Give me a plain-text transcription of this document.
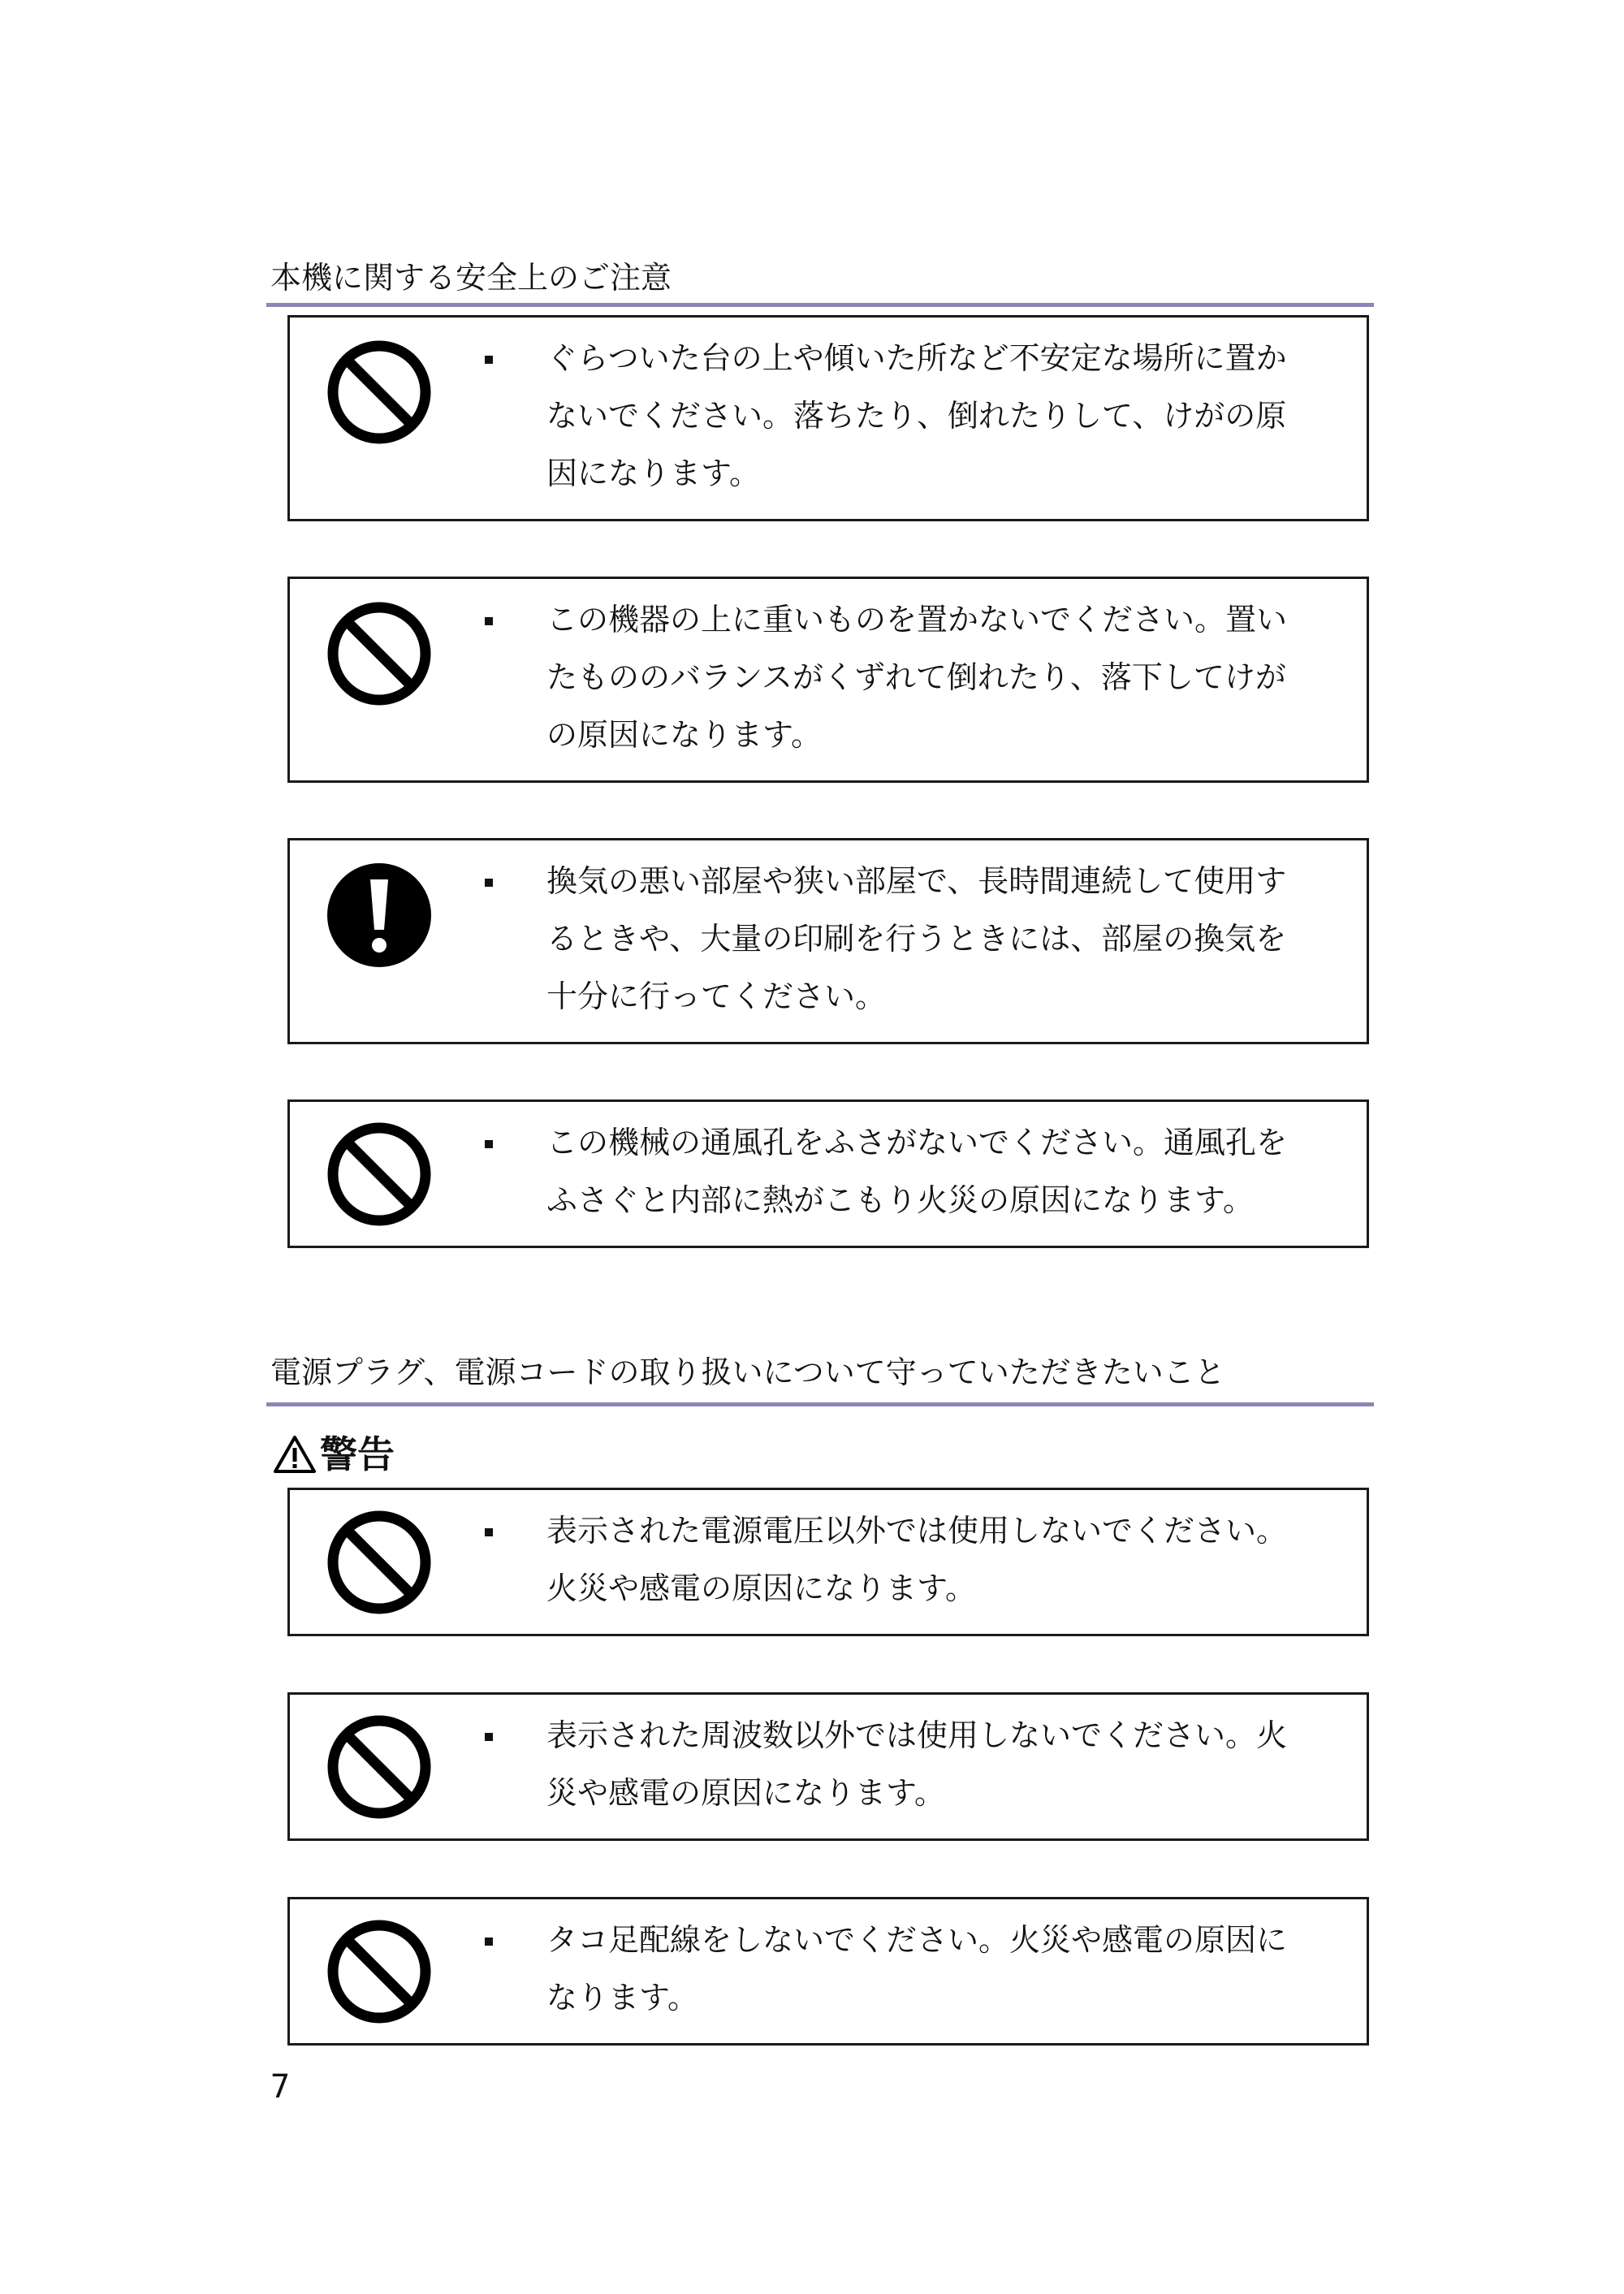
本機に関する安全上のご注意
ぐらついた台の上や傾いた所など不安定な場所に置か
ないでください。落ちたり、倒れたりして、けがの原
因になります。
この機器の上に重いものを置かないでください。置い
たもののバランスがくずれて倒れたり、落下してけが
の原因になります。
換気の悪い部屋や狭い部屋で、長時間連続して使用す
るときや、大量の印刷を行うときには、部屋の換気を
十分に行ってください。
この機械の通風孔をふさがないでください。通風孔を
ふさぐと内部に熱がこもり火災の原因になります。
電源プラグ、電源コードの取り扱いについて守っていただきたいこと
警告
表示された電源電圧以外では使用しないでください。
火災や感電の原因になります。
表示された周波数以外では使用しないでください。火
災や感電の原因になります。
タコ足配線をしないでください。火災や感電の原因に
なります。
7
